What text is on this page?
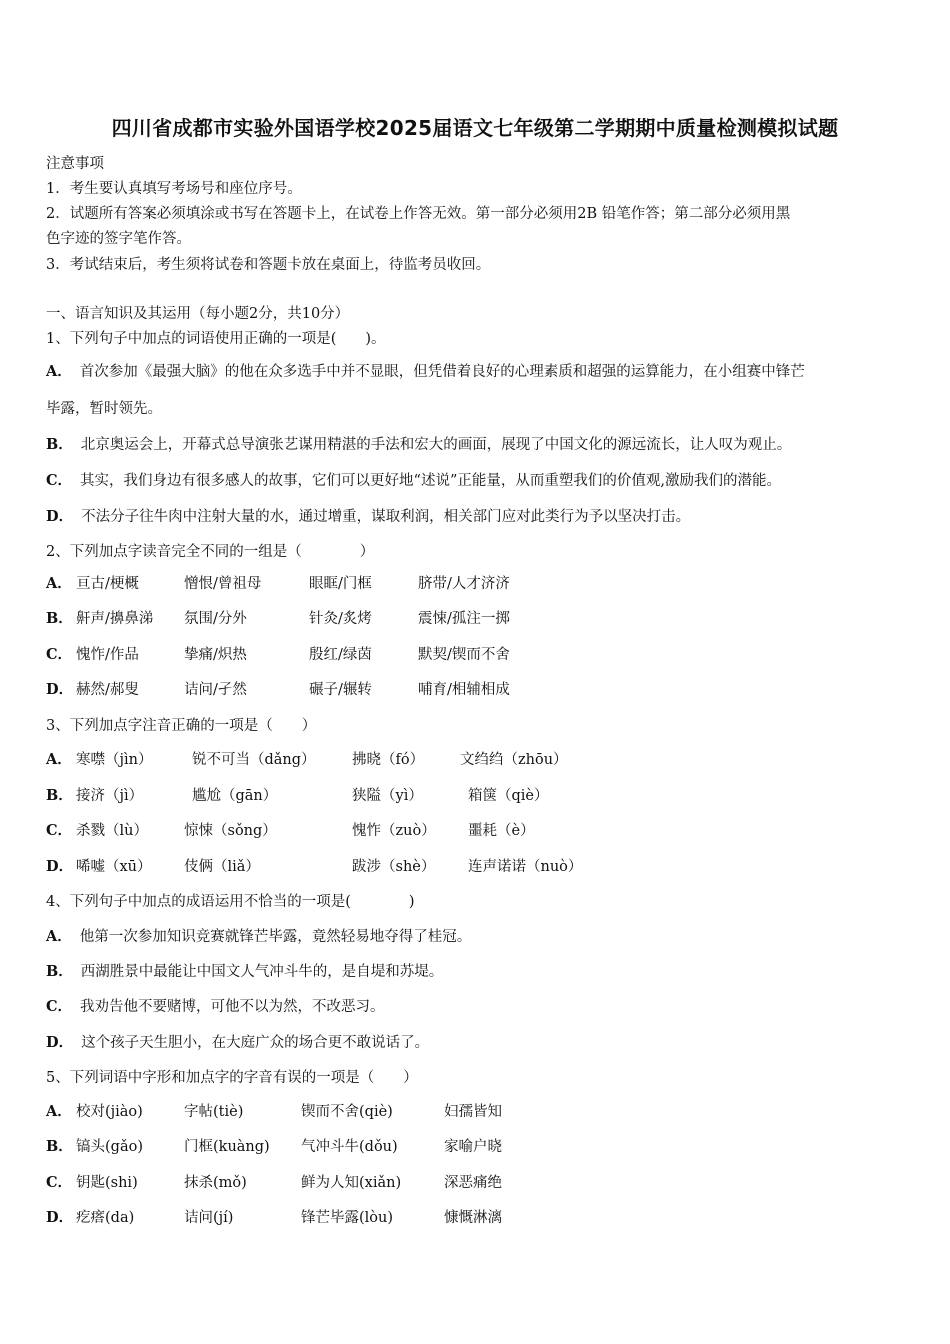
四川省成都市实验外国语学校2025届语文七年级第二学期期中质量检测模拟试题
注意事项
1．考生要认真填写考场号和座位序号。
2．试题所有答案必须填涂或书写在答题卡上，在试卷上作答无效。第一部分必须用2B 铅笔作答；第二部分必须用黑
色字迹的签字笔作答。
3．考试结束后，考生须将试卷和答题卡放在桌面上，待监考员收回。
一、语言知识及其运用（每小题2分，共10分）
1、下列句子中加点的词语使用正确的一项是(　　)。
A． 首次参加《最强大脑》的他在众多选手中并不显眼，但凭借着良好的心理素质和超强的运算能力，在小组赛中锋芒
毕露，暂时领先。
B． 北京奥运会上，开幕式总导演张艺谋用精湛的手法和宏大的画面，展现了中国文化的源远流长，让人叹为观止。
C． 其实，我们身边有很多感人的故事，它们可以更好地“述说”正能量，从而重塑我们的价值观,激励我们的潜能。
D． 不法分子往牛肉中注射大量的水，通过增重，谋取利润，相关部门应对此类行为予以坚决打击。
2、下列加点字读音完全不同的一组是（　　　　）
A． 亘古/梗概	憎恨/曾祖母	眼眶/门框	脐带/人才济济
B． 鼾声/擤鼻涕 氛围/分外	针灸/炙烤	震悚/孤注一掷
C． 愧怍/作品	挚痛/炽热	殷红/绿茵	默契/锲而不舍
D． 赫然/郝叟	诘问/孑然	碾子/辗转	哺育/相辅相成
3、下列加点字注音正确的一项是（　　）
A． 寒噤（jìn）	锐不可当（dǎng）	拂晓（fó） 文绉绉（zhōu）
B． 接济（jì）	尴尬（gān）	狭隘（yì）	箱箧（qiè）
C． 杀戮（lù） 惊悚（sǒng）	愧怍（zuò） 噩耗（è）
D． 唏嘘（xū） 伎俩（liǎ）	跋涉（shè） 连声诺诺（nuò）
4、下列句子中加点的成语运用不恰当的一项是(　　　　)
A． 他第一次参加知识竞赛就锋芒毕露，竟然轻易地夺得了桂冠。
B． 西湖胜景中最能让中国文人气冲斗牛的，是自堤和苏堤。
C． 我劝告他不要赌博，可他不以为然，不改恶习。
D． 这个孩子天生胆小，在大庭广众的场合更不敢说话了。
5、下列词语中字形和加点字的字音有误的一项是（　　）
A． 校对(jiào)	字帖(tiè)	锲而不舍(qiè)	妇孺皆知
B． 镐头(gǎo)	门框(kuàng) 气冲斗牛(dǒu)	家喻户晓
C． 钥匙(shi)	抹杀(mǒ)	鲜为人知(xiǎn)	深恶痛绝
D． 疙瘩(da)	诘问(jí)	锋芒毕露(lòu)	慷慨淋漓
